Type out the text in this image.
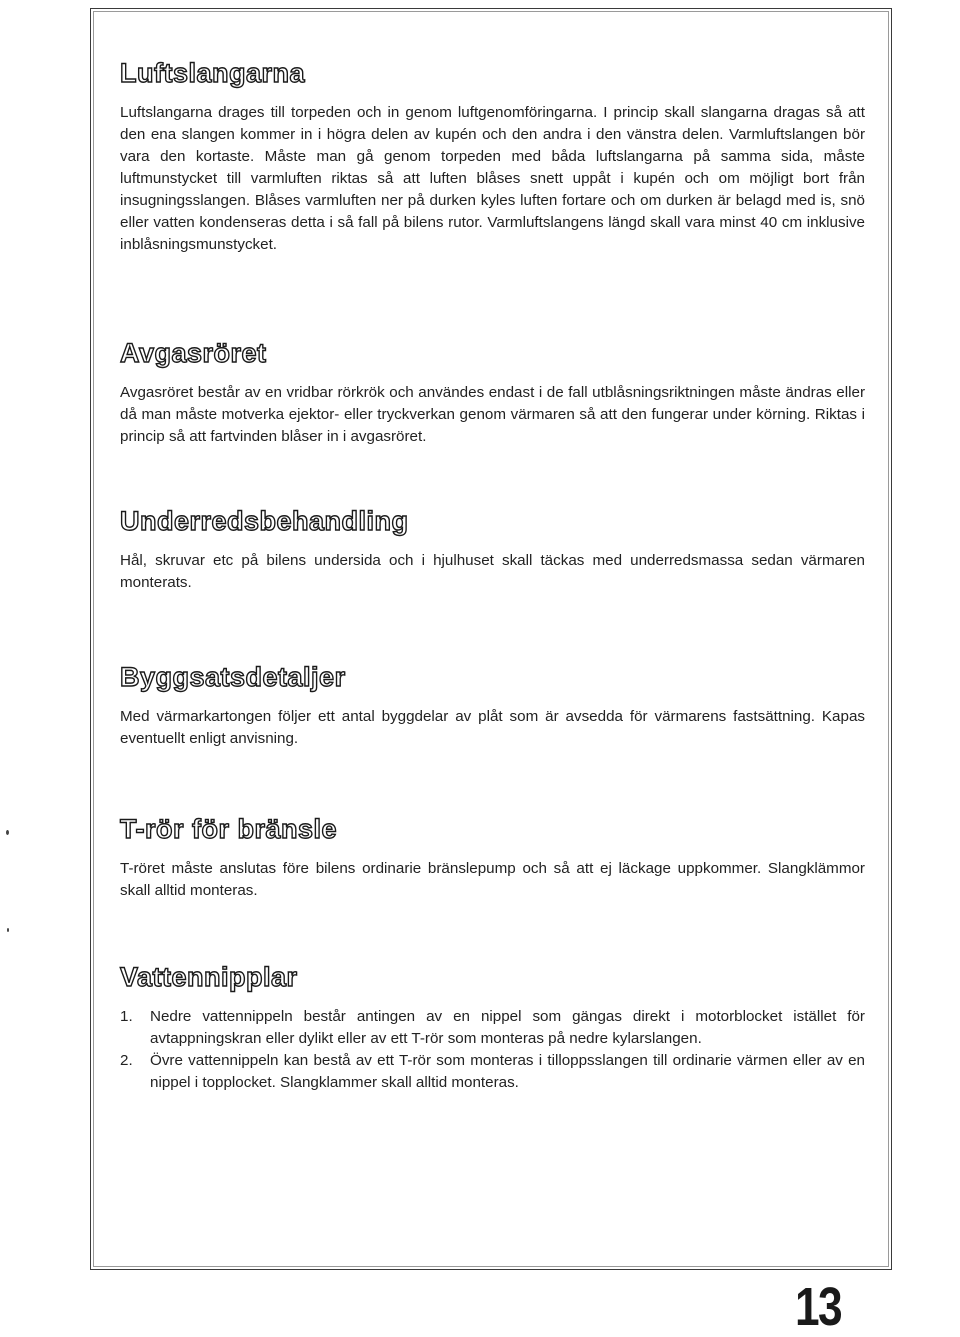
Luftslangarna

Luftslangarna drages till torpeden och in genom luftgenomföringarna. I princip skall slangarna dragas så att den ena slangen kommer in i högra delen av kupén och den andra i den vänstra delen. Varmluftslangen bör vara den kortaste. Måste man gå genom torpeden med båda luftslangarna på samma sida, måste luftmunstycket till varmluften riktas så att luften blåses snett uppåt i kupén och om möjligt bort från insugningsslangen. Blåses varmluften ner på durken kyles luften fortare och om durken är belagd med is, snö eller vatten kondenseras detta i så fall på bilens rutor. Varmluftslangens längd skall vara minst 40 cm inklusive inblåsningsmunstycket.

Avgasröret

Avgasröret består av en vridbar rörkrök och användes endast i de fall utblåsningsriktningen måste ändras eller då man måste motverka ejektor- eller tryckverkan genom värmaren så att den fungerar under körning. Riktas i princip så att fartvinden blåser in i avgasröret.

Underredsbehandling

Hål, skruvar etc på bilens undersida och i hjulhuset skall täckas med underredsmassa sedan värmaren monterats.

Byggsatsdetaljer

Med värmarkartongen följer ett antal byggdelar av plåt som är avsedda för värmarens fastsättning. Kapas eventuellt enligt anvisning.

T-rör för bränsle

T-röret måste anslutas före bilens ordinarie bränslepump och så att ej läckage uppkommer. Slangklämmor skall alltid monteras.

Vattennipplar
1. Nedre vattennippeln består antingen av en nippel som gängas direkt i motorblocket istället för avtappningskran eller dylikt eller av ett T-rör som monteras på nedre kylarslangen.
2. Övre vattennippeln kan bestå av ett T-rör som monteras i tilloppsslangen till ordinarie värmen eller av en nippel i topplocket. Slangklammer skall alltid monteras.
13
